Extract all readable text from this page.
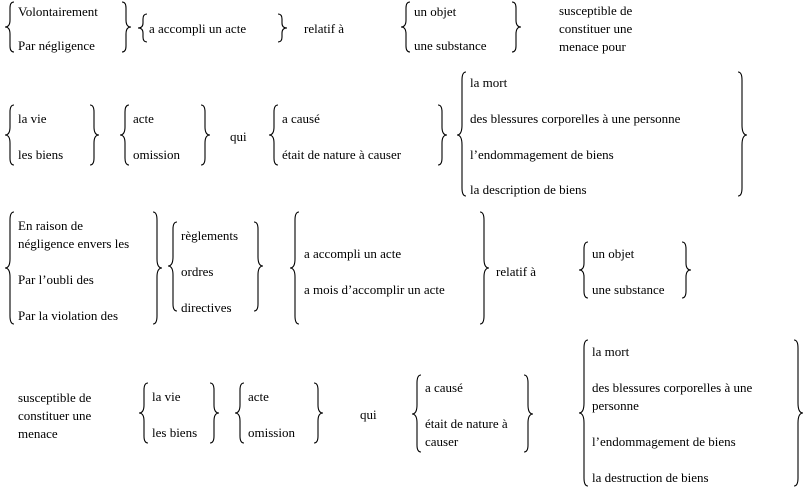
Volontairement
Par négligence
a accompli un acte	relatif à
un objet
une substance
susceptible de constituer une menace pour
la vie
les biens
acte
omission
qui
a causé
était de nature à causer
la mort
des blessures corporelles à une personne
l’endommagement de biens
la description de biens
En raison de
négligence envers les
Par l’oubli des
Par la violation des
règlements
ordres
directives
a accompli un acte
a mois d’accomplir un acte
relatif à
un objet
une substance
susceptible de constituer une menace
la vie
les biens
acte
omission
qui
a causé
était de nature à causer
la mort
des blessures corporelles à une personne
l’endommagement de biens
la destruction de biens
